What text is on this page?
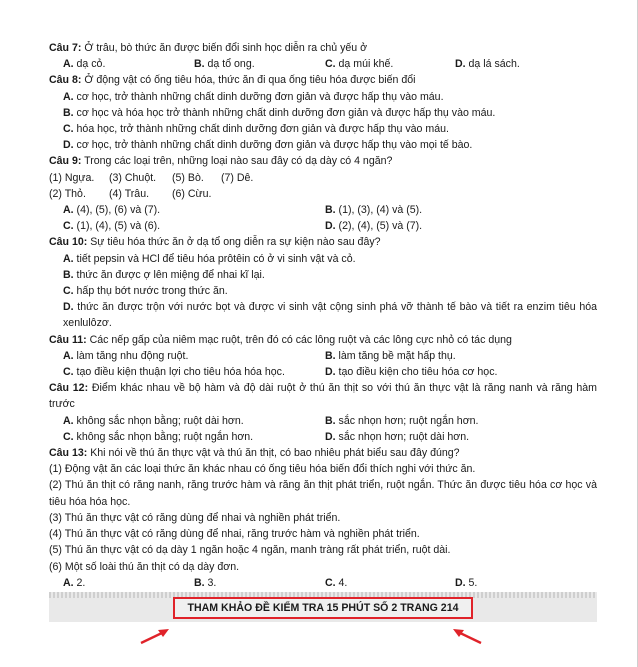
Câu 7: Ở trâu, bò thức ăn được biến đổi sinh học diễn ra chủ yếu ở
A. dạ cỏ.	B. dạ tổ ong.	C. dạ múi khế.	D. dạ lá sách.
Câu 8: Ở động vật có ống tiêu hóa, thức ăn đi qua ống tiêu hóa được biến đổi
A. cơ học, trở thành những chất dinh dưỡng đơn giản và được hấp thụ vào máu.
B. cơ học và hóa học trở thành những chất dinh dưỡng đơn giản và được hấp thụ vào máu.
C. hóa học, trở thành những chất dinh dưỡng đơn giản và được hấp thụ vào máu.
D. cơ học, trở thành những chất dinh dưỡng đơn giản và được hấp thụ vào mọi tế bào.
Câu 9: Trong các loại trên, những loại nào sau đây có dạ dày có 4 ngăn?
(1) Ngựa. (3) Chuột. (5) Bò. (7) Dê.
(2) Thỏ. (4) Trâu. (6) Cừu.
A. (4), (5), (6) và (7).	B. (1), (3), (4) và (5).
C. (1), (4), (5) và (6).	D. (2), (4), (5) và (7).
Câu 10: Sự tiêu hóa thức ăn ở dạ tổ ong diễn ra sự kiện nào sau đây?
A. tiết pepsin và HCl để tiêu hóa prôtêin có ở vi sinh vật và cỏ.
B. thức ăn được ợ lên miệng để nhai kĩ lại.
C. hấp thụ bớt nước trong thức ăn.
D. thức ăn được trộn với nước bọt và được vi sinh vật cộng sinh phá vỡ thành tế bào và tiết ra enzim tiêu hóa xenlulôzơ.
Câu 11: Các nếp gấp của niêm mạc ruột, trên đó có các lông ruột và các lông cực nhỏ có tác dụng
A. làm tăng nhu động ruột.	B. làm tăng bề mặt hấp thụ.
C. tạo điều kiện thuận lợi cho tiêu hóa hóa học.	D. tạo điều kiện cho tiêu hóa cơ học.
Câu 12: Điểm khác nhau về bộ hàm và độ dài ruột ở thú ăn thịt so với thú ăn thực vật là răng nanh và răng hàm trước
A. không sắc nhọn bằng; ruột dài hơn.	B. sắc nhọn hơn; ruột ngắn hơn.
C. không sắc nhọn bằng; ruột ngắn hơn.	D. sắc nhọn hơn; ruột dài hơn.
Câu 13: Khi nói về thú ăn thực vật và thú ăn thịt, có bao nhiêu phát biểu sau đây đúng?
(1) Động vật ăn các loại thức ăn khác nhau có ống tiêu hóa biến đổi thích nghi với thức ăn.
(2) Thú ăn thịt có răng nanh, răng trước hàm và răng ăn thịt phát triển, ruột ngắn. Thức ăn được tiêu hóa cơ học và tiêu hóa hóa học.
(3) Thú ăn thực vật có răng dùng để nhai và nghiền phát triển.
(4) Thú ăn thực vật có răng dùng để nhai, răng trước hàm và nghiền phát triển.
(5) Thú ăn thực vật có dạ dày 1 ngăn hoặc 4 ngăn, manh tràng rất phát triển, ruột dài.
(6) Một số loài thú ăn thịt có dạ dày đơn.
A. 2.	B. 3.	C. 4.	D. 5.
THAM KHẢO ĐỀ KIỂM TRA 15 PHÚT SỐ 2 TRANG 214
